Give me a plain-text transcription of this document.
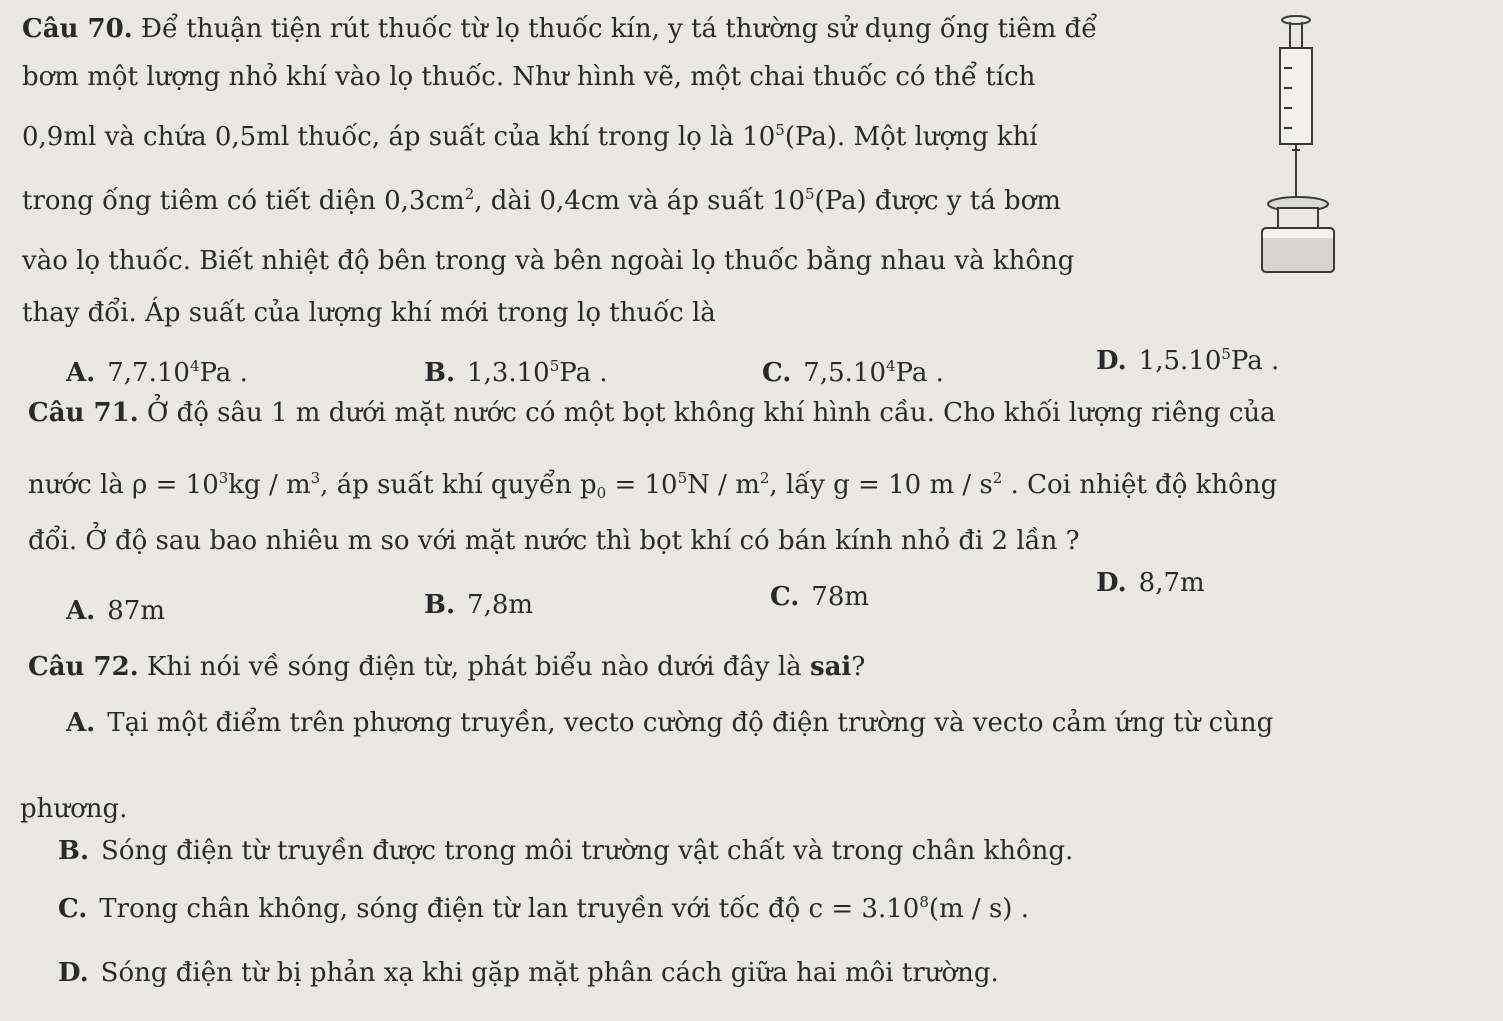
Câu 70. Để thuận tiện rút thuốc từ lọ thuốc kín, y tá thường sử dụng ống tiêm để
bơm một lượng nhỏ khí vào lọ thuốc. Như hình vẽ, một chai thuốc có thể tích
0,9ml và chứa 0,5ml thuốc, áp suất của khí trong lọ là $10^5(Pa)$. Một lượng khí
trong ống tiêm có tiết diện $0,3cm^2$, dài 0,4cm và áp suất $10^5(Pa)$ được y tá bơm
vào lọ thuốc. Biết nhiệt độ bên trong và bên ngoài lọ thuốc bằng nhau và không
thay đổi. Áp suất của lượng khí mới trong lọ thuốc là
A. 7,7.10$^4$Pa .	B. 1,3.10$^5$Pa .	C. 7,5.10$^4$Pa .	D. 1,5.10$^5$Pa .
Câu 71. Ở độ sâu 1 m dưới mặt nước có một bọt không khí hình cầu. Cho khối lượng riêng của
nước là $\rho = 10^3kg / m^3$, áp suất khí quyển $p_0 = 10^5N / m^2$, lấy g = 10 m / $s^2$ . Coi nhiệt độ không
đổi. Ở độ sau bao nhiêu m so với mặt nước thì bọt khí có bán kính nhỏ đi 2 lần ?
A. 87m	B. 7,8m	C. 78m	D. 8,7m
Câu 72. Khi nói về sóng điện từ, phát biểu nào dưới đây là sai?
A. Tại một điểm trên phương truyền, vecto cường độ điện trường và vecto cảm ứng từ cùng
phương.
B. Sóng điện từ truyền được trong môi trường vật chất và trong chân không.
C. Trong chân không, sóng điện từ lan truyền với tốc độ $c = 3.10^8(m / s)$ .
D. Sóng điện từ bị phản xạ khi gặp mặt phân cách giữa hai môi trường.
